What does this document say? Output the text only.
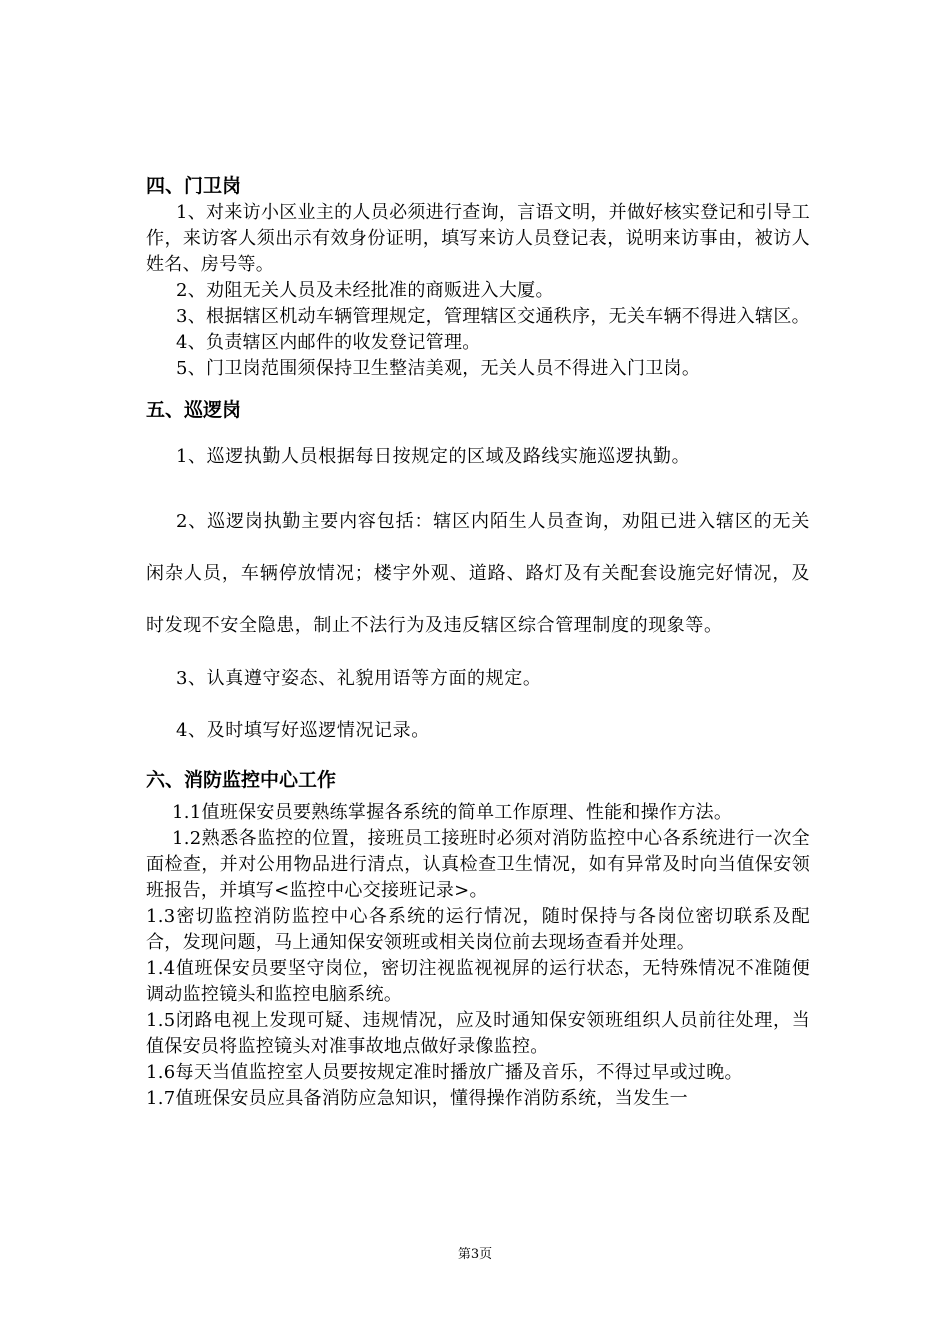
四、门卫岗

1、对来访小区业主的人员必须进行查询，言语文明，并做好核实登记和引导工作，来访客人须出示有效身份证明，填写来访人员登记表，说明来访事由，被访人姓名、房号等。

2、劝阻无关人员及未经批准的商贩进入大厦。

3、根据辖区机动车辆管理规定，管理辖区交通秩序，无关车辆不得进入辖区。

4、负责辖区内邮件的收发登记管理。

5、门卫岗范围须保持卫生整洁美观，无关人员不得进入门卫岗。

五、巡逻岗

1、巡逻执勤人员根据每日按规定的区域及路线实施巡逻执勤。

2、巡逻岗执勤主要内容包括：辖区内陌生人员查询，劝阻已进入辖区的无关闲杂人员，车辆停放情况；楼宇外观、道路、路灯及有关配套设施完好情况，及时发现不安全隐患，制止不法行为及违反辖区综合管理制度的现象等。

3、认真遵守姿态、礼貌用语等方面的规定。

4、及时填写好巡逻情况记录。

六、消防监控中心工作

1.1值班保安员要熟练掌握各系统的简单工作原理、性能和操作方法。

1.2熟悉各监控的位置，接班员工接班时必须对消防监控中心各系统进行一次全面检查，并对公用物品进行清点，认真检查卫生情况，如有异常及时向当值保安领班报告，并填写<监控中心交接班记录>。

1.3密切监控消防监控中心各系统的运行情况，随时保持与各岗位密切联系及配合，发现问题，马上通知保安领班或相关岗位前去现场查看并处理。

1.4值班保安员要坚守岗位，密切注视监视视屏的运行状态，无特殊情况不准随便调动监控镜头和监控电脑系统。

1.5闭路电视上发现可疑、违规情况，应及时通知保安领班组织人员前往处理，当值保安员将监控镜头对准事故地点做好录像监控。

1.6每天当值监控室人员要按规定准时播放广播及音乐，不得过早或过晚。

1.7值班保安员应具备消防应急知识，懂得操作消防系统，当发生一

第3页
